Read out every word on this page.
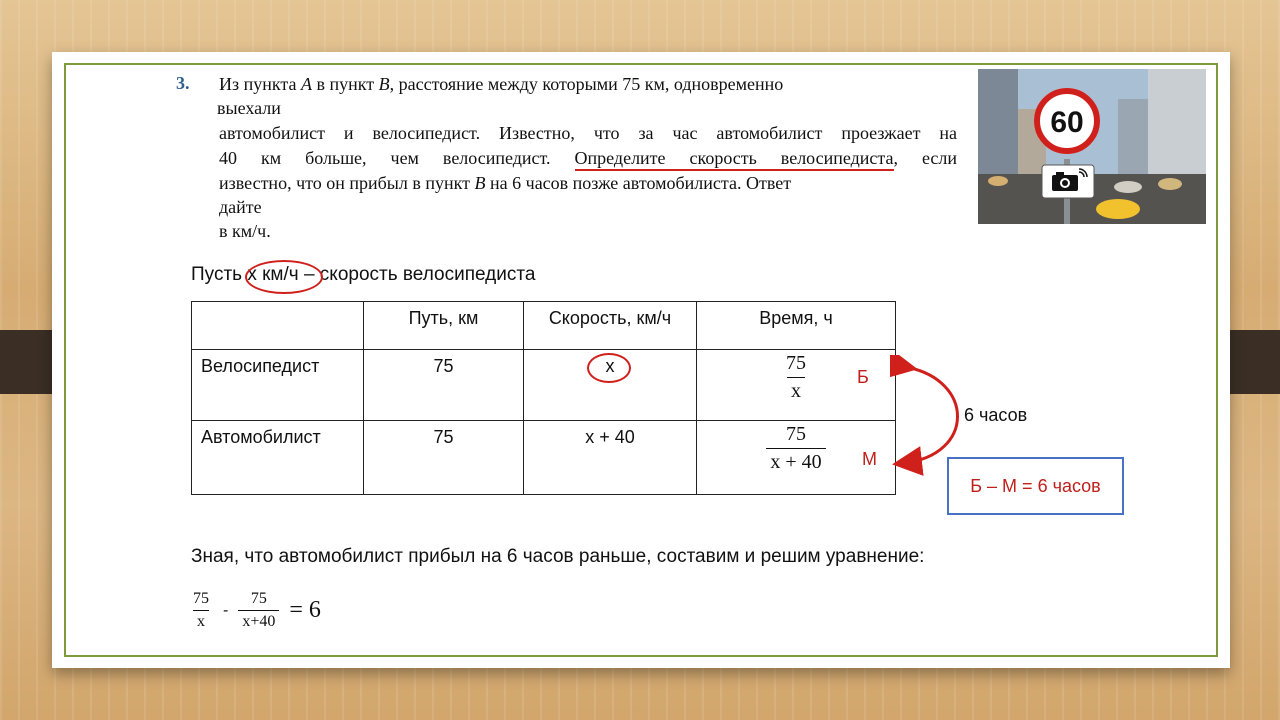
3. Из пункта A в пункт B, расстояние между которыми 75 км, одновременно
выехали
автомобилист и велосипедист. Известно, что за час автомобилист проезжает на
40 км больше, чем велосипедист. Определите скорость велосипедиста, если
известно, что он прибыл в пункт B на 6 часов позже автомобилиста. Ответ
дайте
в км/ч.
60
Пусть x км/ч – скорость велосипедиста
	Путь, км	Скорость, км/ч	Время, ч
Велосипедист	75	x	$\frac{75}{x}$

Автомобилист	75	x + 40	$\frac{75}{x + 40}$
Б
М
6 часов
Б – М = 6 часов
Зная, что автомобилист прибыл на 6 часов раньше, составим и решим уравнение:
$\frac{75}{x} - \frac{75}{x+40} = 6$
